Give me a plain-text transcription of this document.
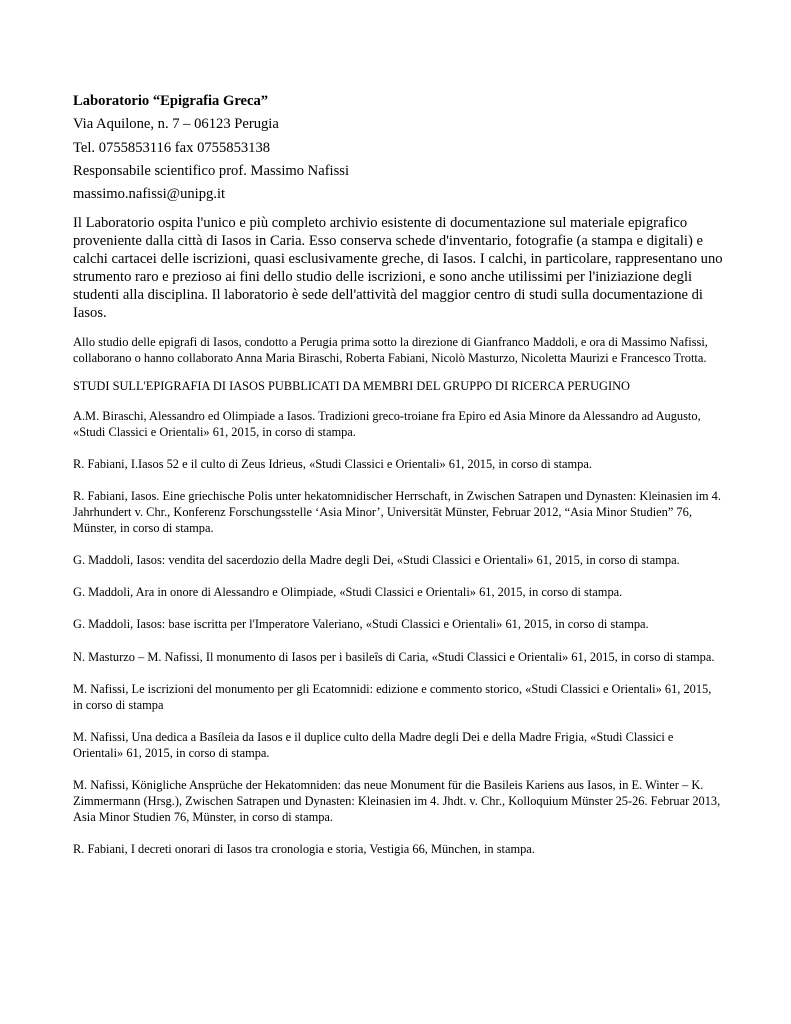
Laboratorio “Epigrafia Greca”
Via Aquilone, n. 7 – 06123 Perugia
Tel. 0755853116 fax 0755853138
Responsabile scientifico prof. Massimo Nafissi
massimo.nafissi@unipg.it

Il Laboratorio ospita l'unico e più completo archivio esistente di documentazione sul materiale epigrafico proveniente dalla città di Iasos in Caria. Esso conserva schede d'inventario, fotografie (a stampa e digitali) e calchi cartacei delle iscrizioni, quasi esclusivamente greche, di Iasos. I calchi, in particolare, rappresentano uno strumento raro e prezioso ai fini dello studio delle iscrizioni, e sono anche utilissimi per l'iniziazione degli studenti alla disciplina. Il laboratorio è sede dell'attività del maggior centro di studi sulla documentazione di Iasos.

Allo studio delle epigrafi di Iasos, condotto a Perugia prima sotto la direzione di Gianfranco Maddoli, e ora di Massimo Nafissi, collaborano o hanno collaborato Anna Maria Biraschi, Roberta Fabiani, Nicolò Masturzo, Nicoletta Maurizi e Francesco Trotta.

STUDI SULL'EPIGRAFIA DI IASOS PUBBLICATI DA MEMBRI DEL GRUPPO DI RICERCA PERUGINO
A.M. Biraschi, Alessandro ed Olimpiade a Iasos. Tradizioni greco-troiane fra Epiro ed Asia Minore da Alessandro ad Augusto, «Studi Classici e Orientali» 61, 2015, in corso di stampa.
R. Fabiani, I.Iasos 52 e il culto di Zeus Idrieus, «Studi Classici e Orientali» 61, 2015, in corso di stampa.
R. Fabiani, Iasos. Eine griechische Polis unter hekatomnidischer Herrschaft, in Zwischen Satrapen und Dynasten: Kleinasien im 4. Jahrhundert v. Chr., Konferenz Forschungsstelle ‘Asia Minor’, Universität Münster, Februar 2012, “Asia Minor Studien” 76, Münster, in corso di stampa.
G. Maddoli, Iasos: vendita del sacerdozio della Madre degli Dei, «Studi Classici e Orientali» 61, 2015, in corso di stampa.
G. Maddoli, Ara in onore di Alessandro e Olimpiade, «Studi Classici e Orientali» 61, 2015, in corso di stampa.
G. Maddoli, Iasos: base iscritta per l'Imperatore Valeriano, «Studi Classici e Orientali» 61, 2015, in corso di stampa.
N. Masturzo – M. Nafissi, Il monumento di Iasos per i basileîs di Caria, «Studi Classici e Orientali» 61, 2015, in corso di stampa.
M. Nafissi, Le iscrizioni del monumento per gli Ecatomnidi: edizione e commento storico, «Studi Classici e Orientali» 61, 2015, in corso di stampa
M. Nafissi, Una dedica a Basíleia da Iasos e il duplice culto della Madre degli Dei e della Madre Frigia, «Studi Classici e Orientali» 61, 2015, in corso di stampa.
M. Nafissi, Königliche Ansprüche der Hekatomniden: das neue Monument für die Basileis Kariens aus Iasos, in E. Winter – K. Zimmermann (Hrsg.), Zwischen Satrapen und Dynasten: Kleinasien im 4. Jhdt. v. Chr., Kolloquium Münster 25-26. Februar 2013, Asia Minor Studien 76, Münster, in corso di stampa.
R. Fabiani, I decreti onorari di Iasos tra cronologia e storia, Vestigia 66, München, in stampa.
